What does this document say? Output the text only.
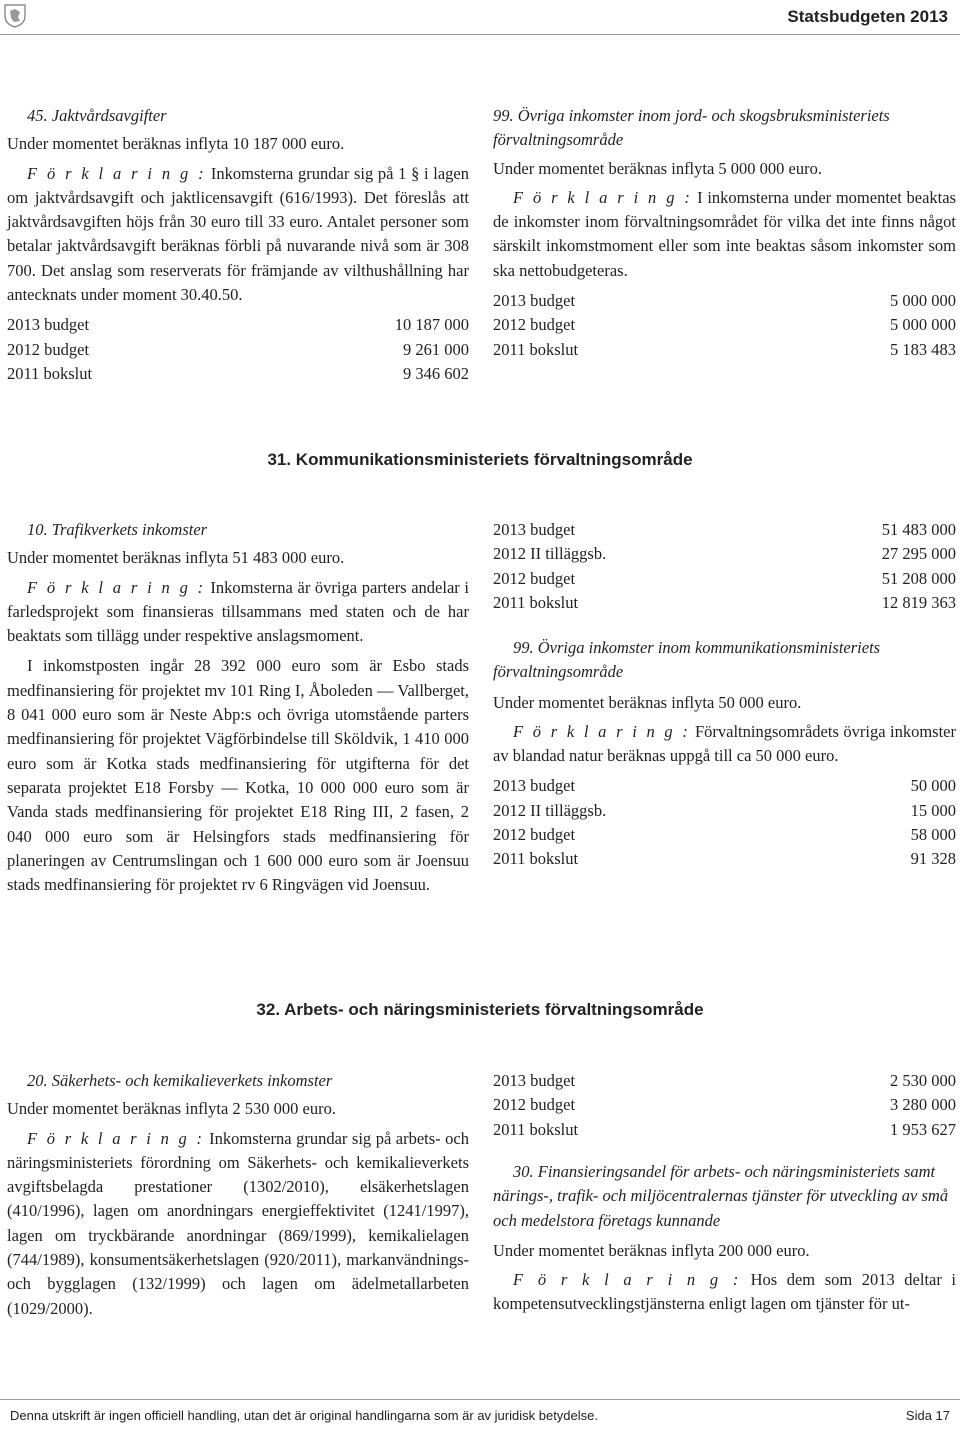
Statsbudgeten 2013
45. Jaktvårdsavgifter

Under momentet beräknas inflyta 10 187 000 euro.

F ö r k l a r i n g : Inkomsterna grundar sig på 1 § i lagen om jaktvårdsavgift och jaktlicensavgift (616/1993). Det föreslås att jaktvårdsavgiften höjs från 30 euro till 33 euro. Antalet personer som betalar jaktvårdsavgift beräknas förbli på nuvarande nivå som är 308 700. Det anslag som reserverats för främjande av vilthushållning har antecknats under moment 30.40.50.

2013 budget	10 187 000
2012 budget	9 261 000
2011 bokslut	9 346 602
99. Övriga inkomster inom jord- och skogsbruksministeriets förvaltningsområde

Under momentet beräknas inflyta 5 000 000 euro.

F ö r k l a r i n g : I inkomsterna under momentet beaktas de inkomster inom förvaltningsområdet för vilka det inte finns något särskilt inkomstmoment eller som inte beaktas såsom inkomster som ska nettobudgeteras.

2013 budget	5 000 000
2012 budget	5 000 000
2011 bokslut	5 183 483
31. Kommunikationsministeriets förvaltningsområde
10. Trafikverkets inkomster

Under momentet beräknas inflyta 51 483 000 euro.

F ö r k l a r i n g : Inkomsterna är övriga parters andelar i farledsprojekt som finansieras tillsammans med staten och de har beaktats som tillägg under respektive anslagsmoment.

I inkomstposten ingår 28 392 000 euro som är Esbo stads medfinansiering för projektet mv 101 Ring I, Åboleden — Vallberget, 8 041 000 euro som är Neste Abp:s och övriga utomstående parters medfinansiering för projektet Vägförbindelse till Sköldvik, 1 410 000 euro som är Kotka stads medfinansiering för utgifterna för det separata projektet E18 Forsby — Kotka, 10 000 000 euro som är Vanda stads medfinansiering för projektet E18 Ring III, 2 fasen, 2 040 000 euro som är Helsingfors stads medfinansiering för planeringen av Centrumslingan och 1 600 000 euro som är Joensuu stads medfinansiering för projektet rv 6 Ringvägen vid Joensuu.

2013 budget	51 483 000
2012 II tilläggsb.	27 295 000
2012 budget	51 208 000
2011 bokslut	12 819 363
99. Övriga inkomster inom kommunikationsministeriets förvaltningsområde

Under momentet beräknas inflyta 50 000 euro.

F ö r k l a r i n g : Förvaltningsområdets övriga inkomster av blandad natur beräknas uppgå till ca 50 000 euro.

2013 budget	50 000
2012 II tilläggsb.	15 000
2012 budget	58 000
2011 bokslut	91 328
32. Arbets- och näringsministeriets förvaltningsområde
20. Säkerhets- och kemikalieverkets inkomster

Under momentet beräknas inflyta 2 530 000 euro.

F ö r k l a r i n g : Inkomsterna grundar sig på arbets- och näringsministeriets förordning om Säkerhets- och kemikalieverkets avgiftsbelagda prestationer (1302/2010), elsäkerhetslagen (410/1996), lagen om anordningars energieffektivitet (1241/1997), lagen om tryckbärande anordningar (869/1999), kemikalielagen (744/1989), konsumentsäkerhetslagen (920/2011), markanvändnings- och bygglagen (132/1999) och lagen om ädelmetallarbeten (1029/2000).

2013 budget	2 530 000
2012 budget	3 280 000
2011 bokslut	1 953 627
30. Finansieringsandel för arbets- och näringsministeriets samt närings-, trafik- och miljöcentralernas tjänster för utveckling av små och medelstora företags kunnande

Under momentet beräknas inflyta 200 000 euro.

F ö r k l a r i n g : Hos dem som 2013 deltar i kompetensutvecklingstjänsterna enligt lagen om tjänster för ut-

Denna utskrift är ingen officiell handling, utan det är original handlingarna som är av juridisk betydelse.	Sida 17
